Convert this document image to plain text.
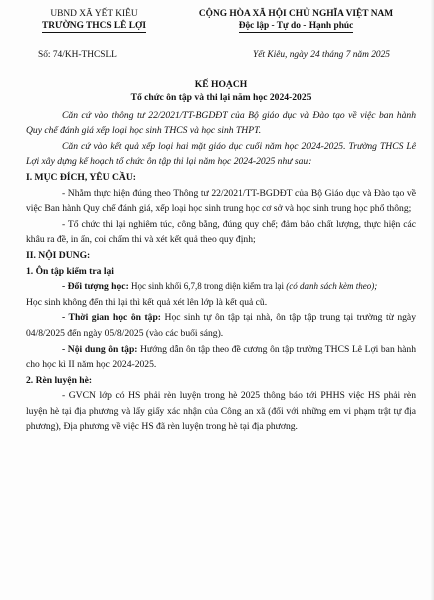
UBND XÃ YẾT KIÊU
TRƯỜNG THCS LÊ LỢI
CỘNG HÒA XÃ HỘI CHỦ NGHĨA VIỆT NAM
Độc lập - Tự do - Hạnh phúc
Số: 74/KH-THCSLL	Yết Kiêu, ngày 24 tháng 7 năm 2025
KẾ HOẠCH
Tổ chức ôn tập và thi lại năm học 2024-2025

Căn cứ vào thông tư 22/2021/TT-BGDĐT của Bộ giáo dục và Đào tạo về việc ban hành Quy chế đánh giá xếp loại học sinh THCS và học sinh THPT.

Căn cứ vào kết quả xếp loại hai mặt giáo dục cuối năm học 2024-2025. Trường THCS Lê Lợi xây dựng kế hoạch tổ chức ôn tập thi lại năm học 2024-2025 như sau:

I. MỤC ĐÍCH, YÊU CẦU:

- Nhằm thực hiện đúng theo Thông tư 22/2021/TT-BGDĐT của Bộ Giáo dục và Đào tạo về việc Ban hành Quy chế đánh giá, xếp loại học sinh trung học cơ sở và học sinh trung học phổ thông;

- Tổ chức thi lại nghiêm túc, công bằng, đúng quy chế; đảm bảo chất lượng, thực hiện các khâu ra đề, in ấn, coi chấm thi và xét kết quả theo quy định;

II. NỘI DUNG:
1. Ôn tập kiểm tra lại

- Đối tượng học: Học sinh khối 6,7,8 trong diện kiểm tra lại (có danh sách kèm theo);

Học sinh không đến thi lại thì kết quả xét lên lớp là kết quả cũ.

- Thời gian học ôn tập: Học sinh tự ôn tập tại nhà, ôn tập tập trung tại trường từ ngày 04/8/2025 đến ngày 05/8/2025 (vào các buổi sáng).

- Nội dung ôn tập: Hướng dẫn ôn tập theo đề cương ôn tập trường THCS Lê Lợi ban hành cho học kì II năm học 2024-2025.

2. Rèn luyện hè:

- GVCN lớp có HS phải rèn luyện trong hè 2025 thông báo tới PHHS việc HS phải rèn luyện hè tại địa phương và lấy giấy xác nhận của Công an xã (đối với những em vi phạm trật tự địa phương), Địa phương về việc HS đã rèn luyện trong hè tại địa phương.
